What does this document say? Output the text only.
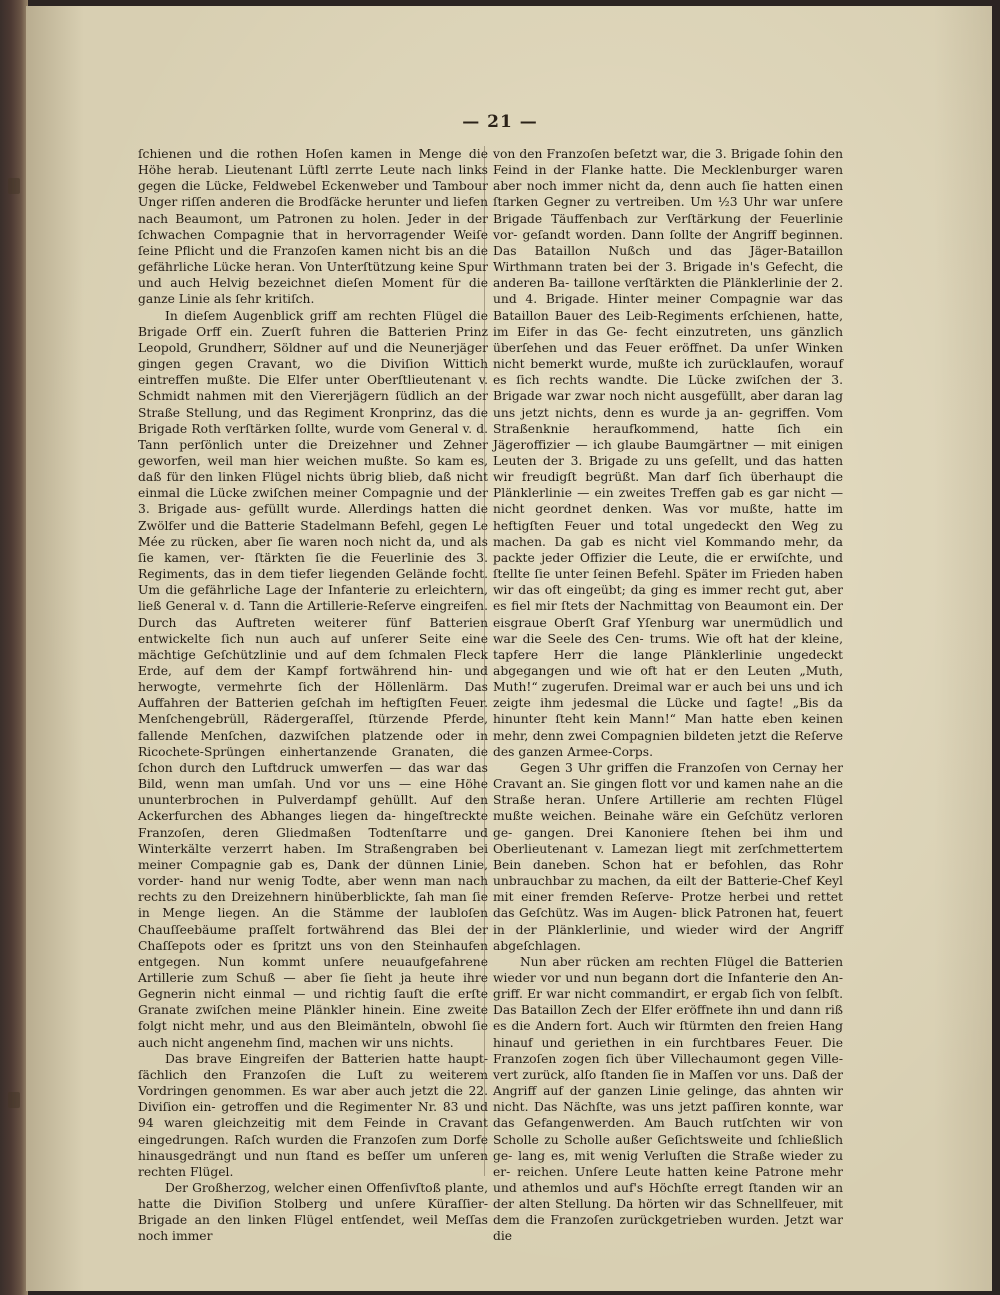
— 21 —

ſchienen und die rothen Hoſen kamen in Menge die Höhe herab. Lieutenant Lüftl zerrte Leute nach links gegen die Lücke, Feldwebel Eckenweber und Tambour Unger riſſen anderen die Brodſäcke herunter und liefen nach Beaumont, um Patronen zu holen. Jeder in der ſchwachen Compagnie that in hervorragender Weiſe ſeine Pflicht und die Franzoſen kamen nicht bis an die gefährliche Lücke heran. Von Unterſtützung keine Spur und auch Helvig bezeichnet dieſen Moment für die ganze Linie als ſehr kritiſch.

In dieſem Augenblick griff am rechten Flügel die Brigade Orff ein. Zuerſt fuhren die Batterien Prinz Leopold, Grundherr, Söldner auf und die Neunerjäger gingen gegen Cravant, wo die Diviſion Wittich eintreffen mußte. Die Elfer unter Oberſtlieutenant v. Schmidt nahmen mit den Viererjägern ſüdlich an der Straße Stellung, und das Regiment Kronprinz, das die Brigade Roth verſtärken ſollte, wurde vom General v. d. Tann perſönlich unter die Dreizehner und Zehner geworfen, weil man hier weichen mußte. So kam es, daß für den linken Flügel nichts übrig blieb, daß nicht einmal die Lücke zwiſchen meiner Compagnie und der 3. Brigade aus- gefüllt wurde. Allerdings hatten die Zwölfer und die Batterie Stadelmann Befehl, gegen Le Mée zu rücken, aber ſie waren noch nicht da, und als ſie kamen, ver- ſtärkten ſie die Feuerlinie des 3. Regiments, das in dem tiefer liegenden Gelände focht. Um die gefährliche Lage der Infanterie zu erleichtern, ließ General v. d. Tann die Artillerie-Reſerve eingreifen. Durch das Auftreten weiterer fünf Batterien entwickelte ſich nun auch auf unſerer Seite eine mächtige Geſchützlinie und auf dem ſchmalen Fleck Erde, auf dem der Kampf fortwährend hin- und herwogte, vermehrte ſich der Höllenlärm. Das Auffahren der Batterien geſchah im heftigſten Feuer. Menſchengebrüll, Rädergeraſſel, ſtürzende Pferde, fallende Menſchen, dazwiſchen platzende oder in Ricochete-Sprüngen einhertanzende Granaten, die ſchon durch den Luftdruck umwerfen — das war das Bild, wenn man umſah. Und vor uns — eine Höhe ununterbrochen in Pulverdampf gehüllt. Auf den Ackerfurchen des Abhanges liegen da- hingeſtreckte Franzoſen, deren Gliedmaßen Todtenſtarre und Winterkälte verzerrt haben. Im Straßengraben bei meiner Compagnie gab es, Dank der dünnen Linie, vorder- hand nur wenig Todte, aber wenn man nach rechts zu den Dreizehnern hinüberblickte, ſah man ſie in Menge liegen. An die Stämme der laubloſen Chauſſeebäume praſſelt fortwährend das Blei der Chaſſepots oder es ſpritzt uns von den Steinhaufen entgegen. Nun kommt unſere neuaufgefahrene Artillerie zum Schuß — aber ſie ſieht ja heute ihre Gegnerin nicht einmal — und richtig ſauſt die erſte Granate zwiſchen meine Plänkler hinein. Eine zweite folgt nicht mehr, und aus den Bleimänteln, obwohl ſie auch nicht angenehm ſind, machen wir uns nichts.

Das brave Eingreifen der Batterien hatte haupt- ſächlich den Franzoſen die Luſt zu weiterem Vordringen genommen. Es war aber auch jetzt die 22. Diviſion ein- getroffen und die Regimenter Nr. 83 und 94 waren gleichzeitig mit dem Feinde in Cravant eingedrungen. Raſch wurden die Franzoſen zum Dorfe hinausgedrängt und nun ſtand es beſſer um unſeren rechten Flügel.

Der Großherzog, welcher einen Offenſivſtoß plante, hatte die Diviſion Stolberg und unſere Küraſſier-Brigade an den linken Flügel entſendet, weil Meſſas noch immer

von den Franzoſen beſetzt war, die 3. Brigade ſohin den Feind in der Flanke hatte. Die Mecklenburger waren aber noch immer nicht da, denn auch ſie hatten einen ſtarken Gegner zu vertreiben. Um ½3 Uhr war unſere Brigade Täuffenbach zur Verſtärkung der Feuerlinie vor- geſandt worden. Dann ſollte der Angriff beginnen. Das Bataillon Nußch und das Jäger-Bataillon Wirthmann traten bei der 3. Brigade in's Gefecht, die anderen Ba- taillone verſtärkten die Plänklerlinie der 2. und 4. Brigade. Hinter meiner Compagnie war das Bataillon Bauer des Leib-Regiments erſchienen, hatte, im Eifer in das Ge- fecht einzutreten, uns gänzlich überſehen und das Feuer eröffnet. Da unſer Winken nicht bemerkt wurde, mußte ich zurücklaufen, worauf es ſich rechts wandte. Die Lücke zwiſchen der 3. Brigade war zwar noch nicht ausgefüllt, aber daran lag uns jetzt nichts, denn es wurde ja an- gegriffen. Vom Straßenknie heraufkommend, hatte ſich ein Jägeroffizier — ich glaube Baumgärtner — mit einigen Leuten der 3. Brigade zu uns geſellt, und das hatten wir freudigſt begrüßt. Man darf ſich überhaupt die Plänklerlinie — ein zweites Treffen gab es gar nicht — nicht geordnet denken. Was vor mußte, hatte im heftigſten Feuer und total ungedeckt den Weg zu machen. Da gab es nicht viel Kommando mehr, da packte jeder Offizier die Leute, die er erwiſchte, und ſtellte ſie unter ſeinen Befehl. Später im Frieden haben wir das oft eingeübt; da ging es immer recht gut, aber es fiel mir ſtets der Nachmittag von Beaumont ein. Der eisgraue Oberſt Graf Yſenburg war unermüdlich und war die Seele des Cen- trums. Wie oft hat der kleine, tapfere Herr die lange Plänklerlinie ungedeckt abgegangen und wie oft hat er den Leuten „Muth, Muth!“ zugerufen. Dreimal war er auch bei uns und ich zeigte ihm jedesmal die Lücke und ſagte! „Bis da hinunter ſteht kein Mann!“ Man hatte eben keinen mehr, denn zwei Compagnien bildeten jetzt die Reſerve des ganzen Armee-Corps.

Gegen 3 Uhr griffen die Franzoſen von Cernay her Cravant an. Sie gingen flott vor und kamen nahe an die Straße heran. Unſere Artillerie am rechten Flügel mußte weichen. Beinahe wäre ein Geſchütz verloren ge- gangen. Drei Kanoniere ſtehen bei ihm und Oberlieutenant v. Lamezan liegt mit zerſchmettertem Bein daneben. Schon hat er befohlen, das Rohr unbrauchbar zu machen, da eilt der Batterie-Chef Keyl mit einer fremden Reſerve- Protze herbei und rettet das Geſchütz. Was im Augen- blick Patronen hat, feuert in der Plänklerlinie, und wieder wird der Angriff abgeſchlagen.

Nun aber rücken am rechten Flügel die Batterien wieder vor und nun begann dort die Infanterie den An- griff. Er war nicht commandirt, er ergab ſich von ſelbſt. Das Bataillon Zech der Elfer eröffnete ihn und dann riß es die Andern fort. Auch wir ſtürmten den freien Hang hinauf und geriethen in ein furchtbares Feuer. Die Franzoſen zogen ſich über Villechaumont gegen Ville- vert zurück, alſo ſtanden ſie in Maſſen vor uns. Daß der Angriff auf der ganzen Linie gelinge, das ahnten wir nicht. Das Nächſte, was uns jetzt paſſiren konnte, war das Gefangenwerden. Am Bauch rutſchten wir von Scholle zu Scholle außer Geſichtsweite und ſchließlich ge- lang es, mit wenig Verluſten die Straße wieder zu er- reichen. Unſere Leute hatten keine Patrone mehr und athemlos und auf's Höchſte erregt ſtanden wir an der alten Stellung. Da hörten wir das Schnellfeuer, mit dem die Franzoſen zurückgetrieben wurden. Jetzt war die
